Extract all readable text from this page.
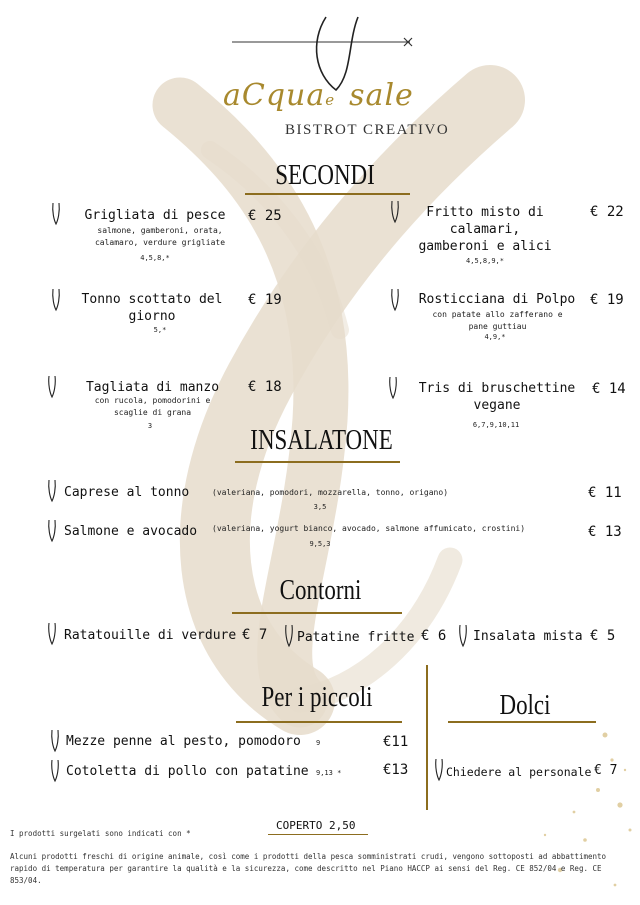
aCquae sale
BISTROT CREATIVO
SECONDI
Grigliata di pesce
salmone, gamberoni, orata, calamaro, verdure grigliate
4,5,8,*
€ 25	Fritto misto di calamari, gamberoni e alici
4,5,8,9,*
€ 22
Tonno scottato del giorno
5,*
€ 19	Rosticciana di Polpo
con patate allo zafferano e pane guttiau
4,9,*
€ 19
Tagliata di manzo
con rucola, pomodorini e scaglie di grana
3
€ 18	Tris di bruschettine vegane
6,7,9,10,11
€ 14
INSALATONE
Caprese al tonno	(valeriana, pomodori, mozzarella, tonno, origano)
3,5
€ 11
Salmone e avocado (valeriana, yogurt bianco, avocado, salmone affumicato, crostini)
9,5,3
€ 13
Contorni
Ratatouille di verdure € 7 Patatine fritte € 6 Insalata mista € 5
Per i piccoli
Mezze penne al pesto, pomodoro 9	€11
Cotoletta di pollo con patatine 9,13 *	€13
Dolci
Chiedere al personale € 7
COPERTO 2,50
I prodotti surgelati sono indicati con *
Alcuni prodotti freschi di origine animale, così come i prodotti della pesca somministrati crudi, vengono sottoposti ad abbattimento rapido di temperatura per garantire la qualità e la sicurezza, come descritto nel Piano HACCP ai sensi del Reg. CE 852/04 e Reg. CE 853/04.
